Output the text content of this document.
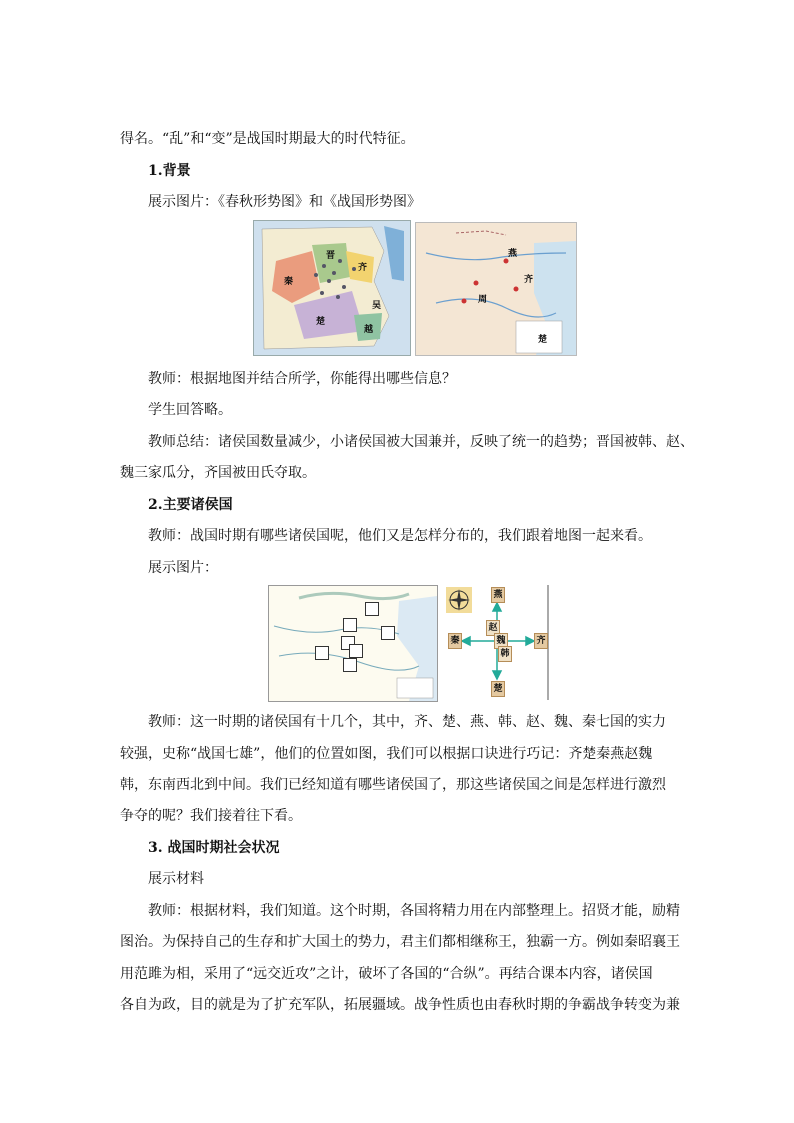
得名。“乱”和“变”是战国时期最大的时代特征。

1.背景

展示图片：《春秋形势图》和《战国形势图》

秦
晋
齐
楚
吴
越
燕
周
齐
楚

教师：根据地图并结合所学，你能得出哪些信息？

学生回答略。

教师总结：诸侯国数量减少，小诸侯国被大国兼并，反映了统一的趋势；晋国被韩、赵、

魏三家瓜分，齐国被田氏夺取。

2.主要诸侯国

教师：战国时期有哪些诸侯国呢，他们又是怎样分布的，我们跟着地图一起来看。

展示图片：

燕
秦
赵
魏
韩
齐
楚

教师：这一时期的诸侯国有十几个，其中，齐、楚、燕、韩、赵、魏、秦七国的实力

较强，史称“战国七雄”，他们的位置如图，我们可以根据口诀进行巧记：齐楚秦燕赵魏

韩，东南西北到中间。我们已经知道有哪些诸侯国了，那这些诸侯国之间是怎样进行激烈

争夺的呢？我们接着往下看。

3. 战国时期社会状况

展示材料

教师：根据材料，我们知道。这个时期，各国将精力用在内部整理上。招贤才能，励精

图治。为保持自己的生存和扩大国土的势力，君主们都相继称王，独霸一方。例如秦昭襄王

用范雎为相，采用了“远交近攻”之计，破坏了各国的“合纵”。再结合课本内容，诸侯国

各自为政，目的就是为了扩充军队，拓展疆域。战争性质也由春秋时期的争霸战争转变为兼
